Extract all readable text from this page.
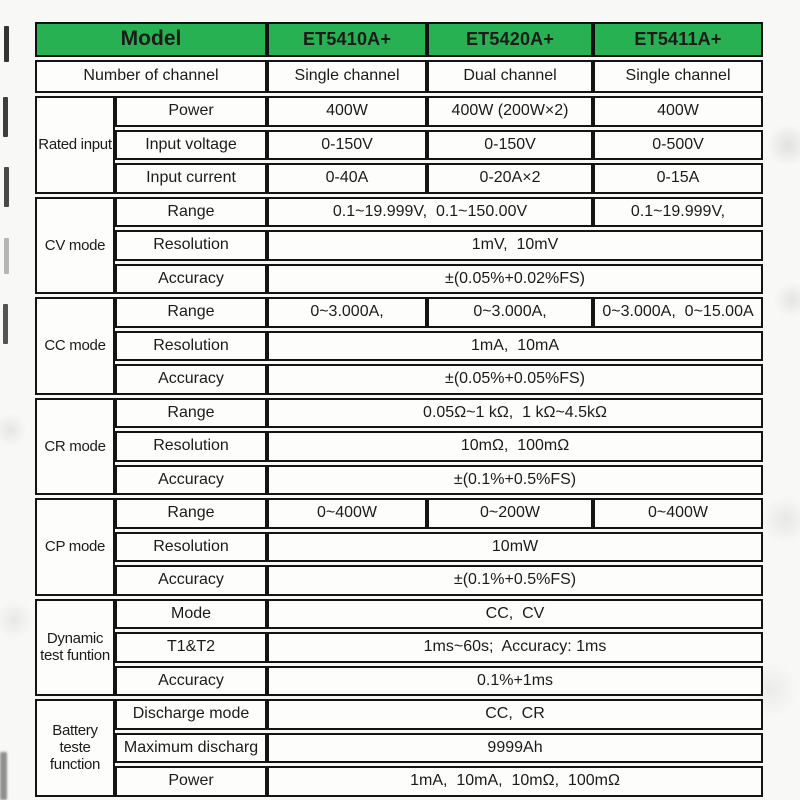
Model		ET5410A+	ET5420A+	ET5411A+
Number of channel		Single channel	Dual channel	Single channel
Rated input	Power	400W	400W (200W×2)	400W
	Input voltage	0-150V	0-150V	0-500V
	Input current	0-40A	0-20A×2	0-15A
CV mode	Range	0.1~19.999V,  0.1~150.00V		0.1~19.999V,
	Resolution	1mV,  10mV		
	Accuracy	±(0.05%+0.02%FS)		
CC mode	Range	0~3.000A,	0~3.000A,	0~3.000A,  0~15.00A
	Resolution	1mA,  10mA		
	Accuracy	±(0.05%+0.05%FS)		
CR mode	Range	0.05Ω~1 kΩ,  1 kΩ~4.5kΩ		
	Resolution	10mΩ,  100mΩ		
	Accuracy	±(0.1%+0.5%FS)		
CP mode	Range	0~400W	0~200W	0~400W
	Resolution	10mW		
	Accuracy	±(0.1%+0.5%FS)		
Dynamic test funtion	Mode	CC,  CV		
	T1&T2	1ms~60s;  Accuracy: 1ms		
	Accuracy	0.1%+1ms		
Battery teste function	Discharge mode	CC,  CR		
	Maximum discharg	9999Ah		
	Power	1mA,  10mA,  10mΩ,  100mΩ		
